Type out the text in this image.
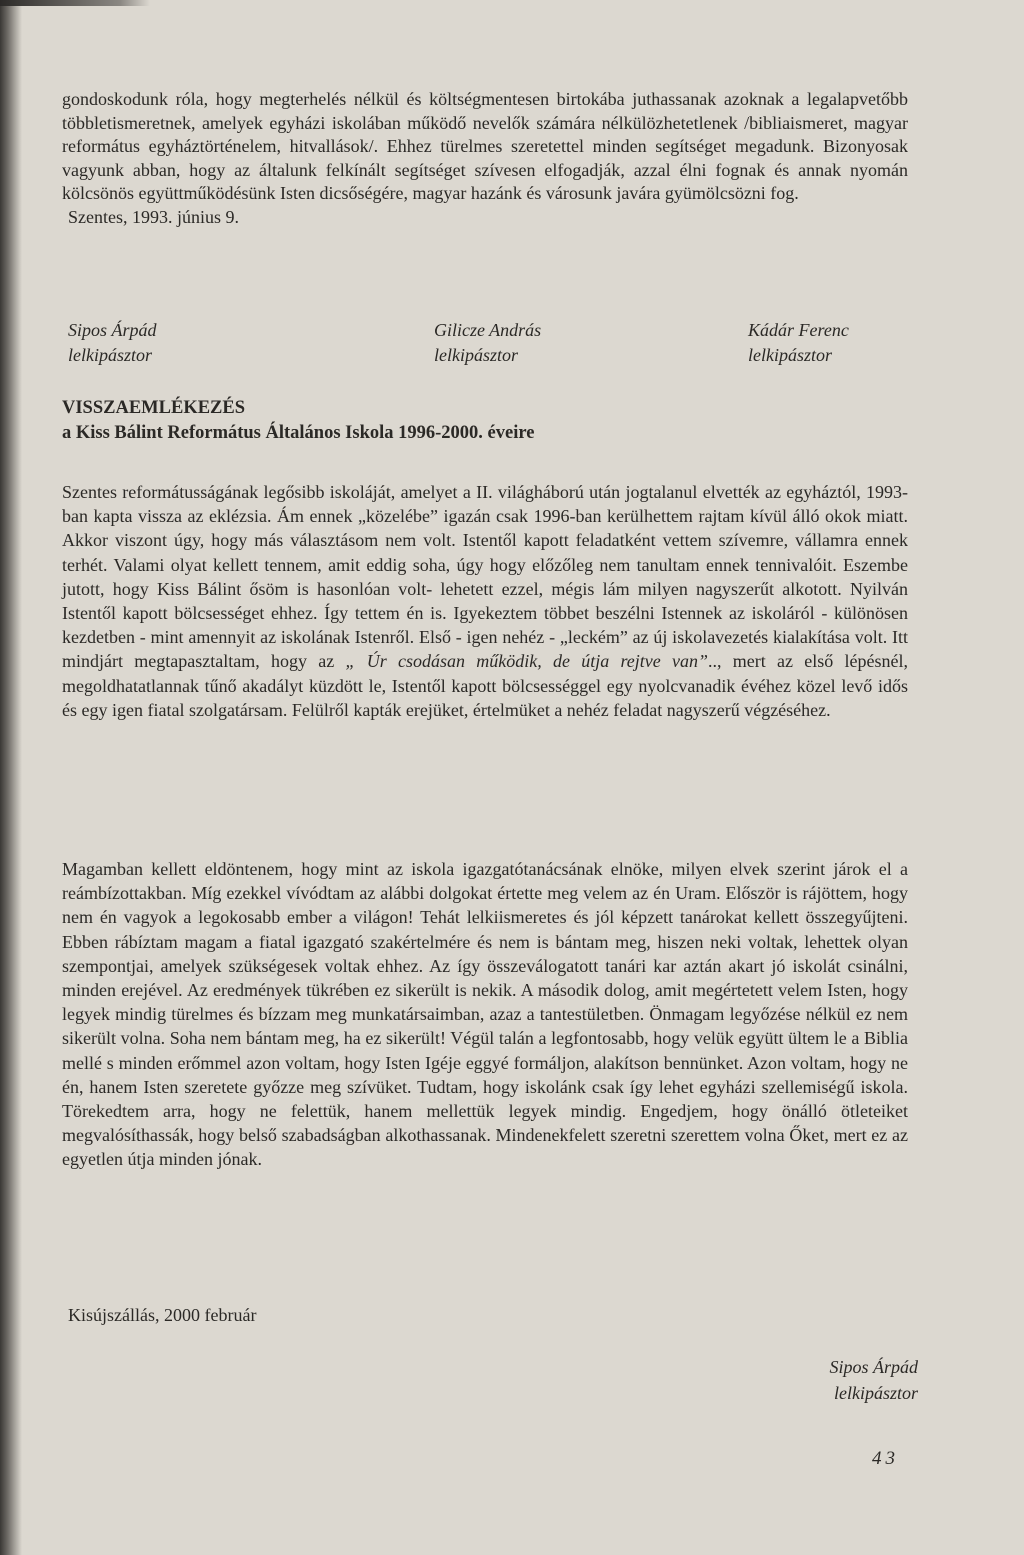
gondoskodunk róla, hogy megterhelés nélkül és költségmentesen birtokába juthassanak azoknak a legalapvetőbb többletismeretnek, amelyek egyházi iskolában működő nevelők számára nélkülözhetetlenek /bibliaismeret, magyar református egyháztörténelem, hitvallások/. Ehhez türelmes szeretettel minden segítséget megadunk. Bizonyosak vagyunk abban, hogy az általunk felkínált segítséget szívesen elfogadják, azzal élni fognak és annak nyomán kölcsönös együttműködésünk Isten dicsőségére, magyar hazánk és városunk javára gyümölcsözni fog.

Szentes, 1993. június 9.

Sipos Árpád
lelkipásztor
Gilicze András
lelkipásztor
Kádár Ferenc
lelkipásztor
VISSZAEMLÉKEZÉS
a Kiss Bálint Református Általános Iskola 1996-2000. éveire
Szentes reformátusságának legősibb iskoláját, amelyet a II. világháború után jogtalanul elvették az egyháztól, 1993-ban kapta vissza az eklézsia. Ám ennek „közelébe” igazán csak 1996-ban kerülhettem rajtam kívül álló okok miatt. Akkor viszont úgy, hogy más választásom nem volt. Istentől kapott feladatként vettem szívemre, vállamra ennek terhét. Valami olyat kellett tennem, amit eddig soha, úgy hogy előzőleg nem tanultam ennek tennivalóit. Eszembe jutott, hogy Kiss Bálint ősöm is hasonlóan volt- lehetett ezzel, mégis lám milyen nagyszerűt alkotott. Nyilván Istentől kapott bölcsességet ehhez. Így tettem én is. Igyekeztem többet beszélni Istennek az iskoláról - különösen kezdetben - mint amennyit az iskolának Istenről. Első - igen nehéz - „leckém” az új iskolavezetés kialakítása volt. Itt mindjárt megtapasztaltam, hogy az „ Úr csodásan működik, de útja rejtve van”.., mert az első lépésnél, megoldhatatlannak tűnő akadályt küzdött le, Istentől kapott bölcsességgel egy nyolcvanadik évéhez közel levő idős és egy igen fiatal szolgatársam. Felülről kapták erejüket, értelmüket a nehéz feladat nagyszerű végzéséhez.
Magamban kellett eldöntenem, hogy mint az iskola igazgatótanácsának elnöke, milyen elvek szerint járok el a reámbízottakban. Míg ezekkel vívódtam az alábbi dolgokat értette meg velem az én Uram. Először is rájöttem, hogy nem én vagyok a legokosabb ember a világon! Tehát lelkiismeretes és jól képzett tanárokat kellett összegyűjteni. Ebben rábíztam magam a fiatal igazgató szakértelmére és nem is bántam meg, hiszen neki voltak, lehettek olyan szempontjai, amelyek szükségesek voltak ehhez. Az így összeválogatott tanári kar aztán akart jó iskolát csinálni, minden erejével. Az eredmények tükrében ez sikerült is nekik. A második dolog, amit megértetett velem Isten, hogy legyek mindig türelmes és bízzam meg munkatársaimban, azaz a tantestületben. Önmagam legyőzése nélkül ez nem sikerült volna. Soha nem bántam meg, ha ez sikerült! Végül talán a legfontosabb, hogy velük együtt ültem le a Biblia mellé s minden erőmmel azon voltam, hogy Isten Igéje eggyé formáljon, alakítson bennünket. Azon voltam, hogy ne én, hanem Isten szeretete győzze meg szívüket. Tudtam, hogy iskolánk csak így lehet egyházi szellemiségű iskola. Törekedtem arra, hogy ne felettük, hanem mellettük legyek mindig. Engedjem, hogy önálló ötleteiket megvalósíthassák, hogy belső szabadságban alkothassanak. Mindenekfelett szeretni szerettem volna Őket, mert ez az egyetlen útja minden jónak.
Kisújszállás, 2000 február
Sipos Árpád
lelkipásztor
43
